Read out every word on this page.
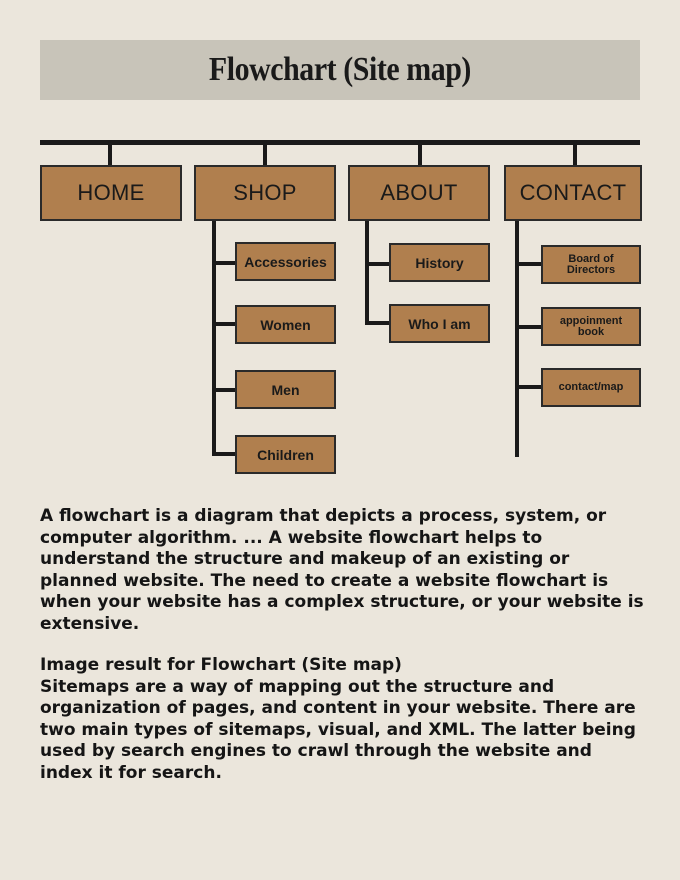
Flowchart (Site map)
HOME	SHOP	ABOUT	CONTACT
Accessories
Women
Men
Children
History
Who I am
Board of Directors
appoinment book
contact/map

A flowchart is a diagram that depicts a process, system, or computer algorithm. ... A website flowchart helps to understand the structure and makeup of an existing or planned website. The need to create a website flowchart is when your website has a complex structure, or your website is extensive.

Image result for Flowchart (Site map)

Sitemaps are a way of mapping out the structure and organization of pages, and content in your website. There are two main types of sitemaps, visual, and XML. The latter being used by search engines to crawl through the website and index it for search.
